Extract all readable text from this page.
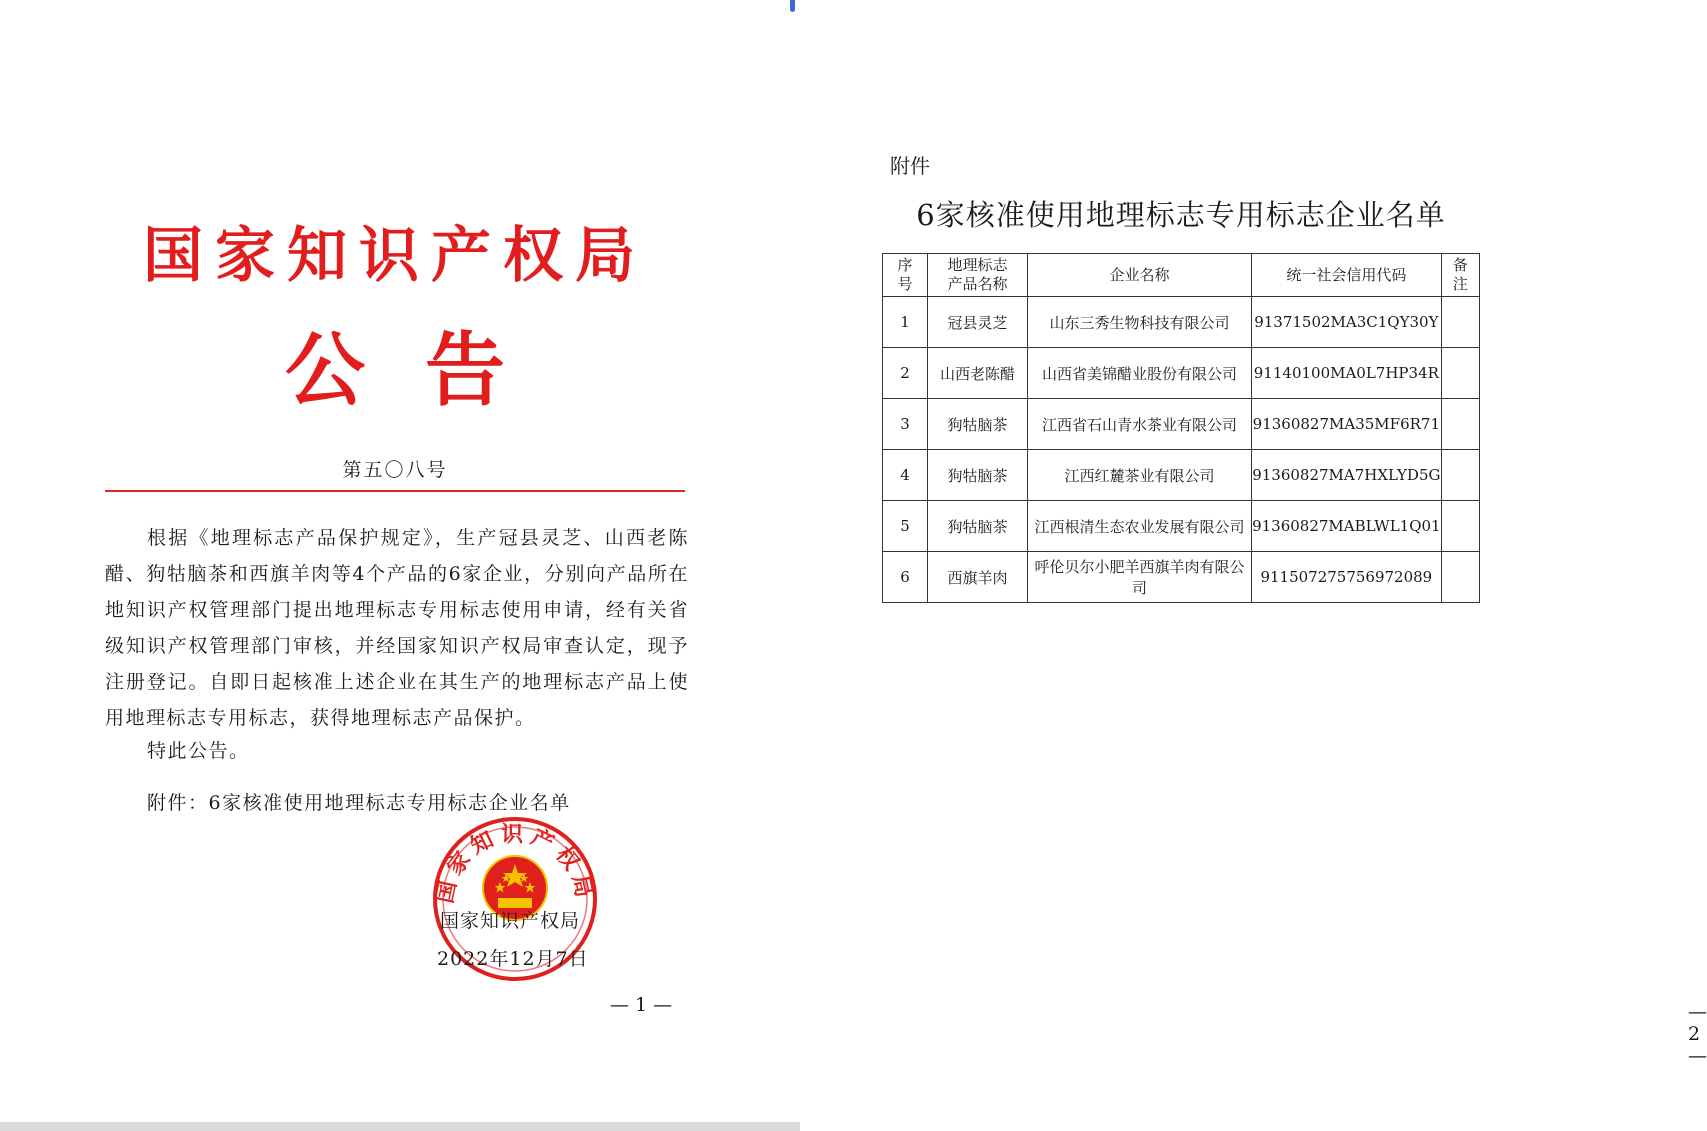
国家知识产权局
公告
第五〇八号

根据《地理标志产品保护规定》，生产冠县灵芝、山西老陈醋、狗牯脑茶和西旗羊肉等4个产品的6家企业，分别向产品所在地知识产权管理部门提出地理标志专用标志使用申请，经有关省级知识产权管理部门审核，并经国家知识产权局审查认定，现予注册登记。自即日起核准上述企业在其生产的地理标志产品上使用地理标志专用标志，获得地理标志产品保护。

特此公告。
附件：6家核准使用地理标志专用标志企业名单
国家知识产权局
国家知识产权局
2022年12月7日
— 1 —	— 2 —
附件
6家核准使用地理标志专用标志企业名单
序号	地理标志产品名称	企业名称	统一社会信用代码	备注
1	冠县灵芝	山东三秀生物科技有限公司	91371502MA3C1QY30Y	
2	山西老陈醋	山西省美锦醋业股份有限公司	91140100MA0L7HP34R	
3	狗牯脑茶	江西省石山青水茶业有限公司	91360827MA35MF6R71	
4	狗牯脑茶	江西红麓茶业有限公司	91360827MA7HXLYD5G	
5	狗牯脑茶	江西根清生态农业发展有限公司	91360827MABLWL1Q01	
6	西旗羊肉	呼伦贝尔小肥羊西旗羊肉有限公司	911507275756972089	
